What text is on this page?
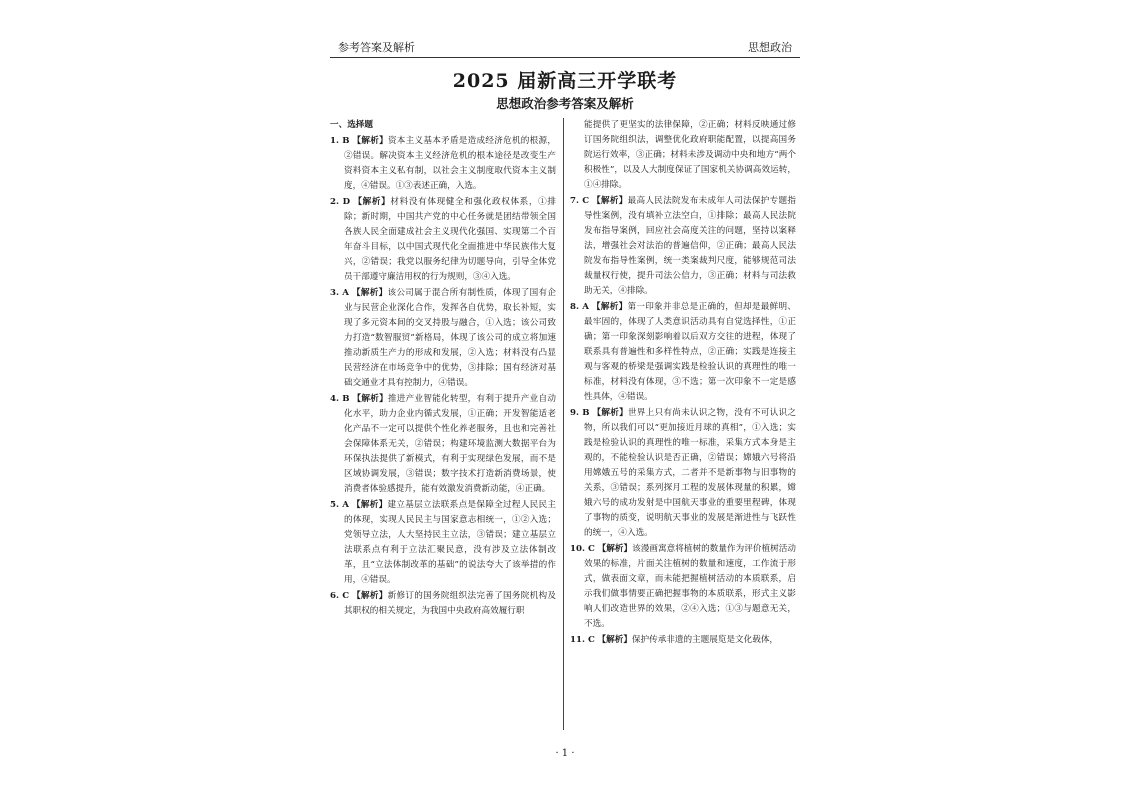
参考答案及解析	思想政治
2025 届新高三开学联考
思想政治参考答案及解析
一、选择题

1. B 【解析】资本主义基本矛盾是造成经济危机的根源，②错误。解决资本主义经济危机的根本途径是改变生产资料资本主义私有制，以社会主义制度取代资本主义制度，④错误。①③表述正确，入选。

2. D 【解析】材料没有体现健全和强化政权体系，①排除；新时期，中国共产党的中心任务就是团结带领全国各族人民全面建成社会主义现代化强国、实现第二个百年奋斗目标，以中国式现代化全面推进中华民族伟大复兴，②错误；我党以服务纪律为切题导向，引导全体党员干部遵守廉洁用权的行为规则，③④入选。

3. A 【解析】该公司属于混合所有制性质，体现了国有企业与民营企业深化合作，发挥各自优势，取长补短，实现了多元资本间的交叉持股与融合，①入选；该公司致力打造“数智服贸”新格局，体现了该公司的成立将加速推动新质生产力的形成和发展，②入选；材料没有凸显民营经济在市场竞争中的优势，③排除；国有经济对基础交通业才具有控制力，④错误。

4. B 【解析】推进产业智能化转型，有利于提升产业自动化水平，助力企业内循式发展，①正确；开发智能适老化产品不一定可以提供个性化养老服务，且也和完善社会保障体系无关，②错误；构建环境监测大数据平台为环保执法提供了新模式，有利于实现绿色发展，而不是区域协调发展，③错误；数字技术打造新消费场景，使消费者体验感提升，能有效激发消费新动能，④正确。

5. A 【解析】建立基层立法联系点是保障全过程人民民主的体现，实现人民民主与国家意志相统一，①②入选；党领导立法，人大坚持民主立法，③错误；建立基层立法联系点有利于立法汇聚民意，没有涉及立法体制改革，且“立法体制改革的基础”的说法夸大了该举措的作用，④错误。

6. C 【解析】新修订的国务院组织法完善了国务院机构及其职权的相关规定，为我国中央政府高效履行职

能提供了更坚实的法律保障，②正确；材料反映通过修订国务院组织法，调整优化政府职能配置，以提高国务院运行效率，③正确；材料未涉及调动中央和地方“两个积极性”，以及人大制度保证了国家机关协调高效运转，①④排除。

7. C 【解析】最高人民法院发布未成年人司法保护专题指导性案例，没有填补立法空白，①排除；最高人民法院发布指导案例，回应社会高度关注的问题，坚持以案释法，增强社会对法治的普遍信仰，②正确；最高人民法院发布指导性案例，统一类案裁判尺度，能够规范司法裁量权行使，提升司法公信力，③正确；材料与司法救助无关，④排除。

8. A 【解析】第一印象并非总是正确的，但却是最鲜明、最牢固的，体现了人类意识活动具有自觉选择性，①正确；第一印象深刻影响着以后双方交往的进程，体现了联系具有普遍性和多样性特点，②正确；实践是连接主观与客观的桥梁是强调实践是检验认识的真理性的唯一标准，材料没有体现，③不选；第一次印象不一定是感性具体，④错误。

9. B 【解析】世界上只有尚未认识之物，没有不可认识之物，所以我们可以“更加接近月球的真相”，①入选；实践是检验认识的真理性的唯一标准，采集方式本身是主观的，不能检验认识是否正确，②错误；嫦娥六号将沿用嫦娥五号的采集方式，二者并不是新事物与旧事物的关系，③错误；系列探月工程的发展体现量的积累，嫦娥六号的成功发射是中国航天事业的重要里程碑，体现了事物的质变，说明航天事业的发展是渐进性与飞跃性的统一，④入选。

10. C 【解析】该漫画寓意将植树的数量作为评价植树活动效果的标准，片面关注植树的数量和速度，工作流于形式，做表面文章，而未能把握植树活动的本质联系，启示我们做事情要正确把握事物的本质联系，形式主义影响人们改造世界的效果，②④入选；①③与题意无关，不选。

11. C 【解析】保护传承非遗的主题展览是文化载体，

· 1 ·
